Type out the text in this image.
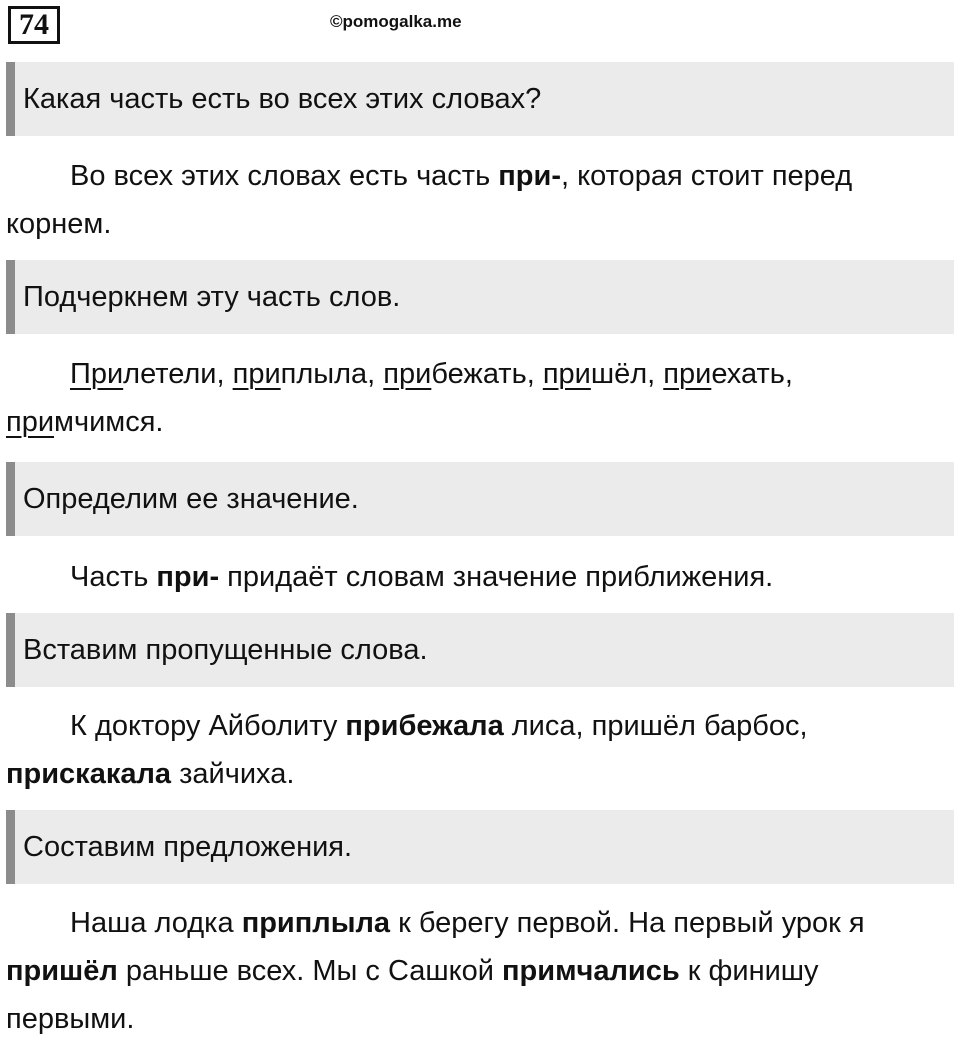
74	©pomogalka.me
Какая часть есть во всех этих словах?

Во всех этих словах есть часть при-, которая стоит перед корнем.

Подчеркнем эту часть слов.

Прилетели, приплыла, прибежать, пришёл, приехать, примчимся.

Определим ее значение.

Часть при- придаёт словам значение приближения.

Вставим пропущенные слова.

К доктору Айболиту прибежала лиса, пришёл барбос, прискакала зайчиха.

Составим предложения.

Наша лодка приплыла к берегу первой. На первый урок я пришёл раньше всех. Мы с Сашкой примчались к финишу первыми.
